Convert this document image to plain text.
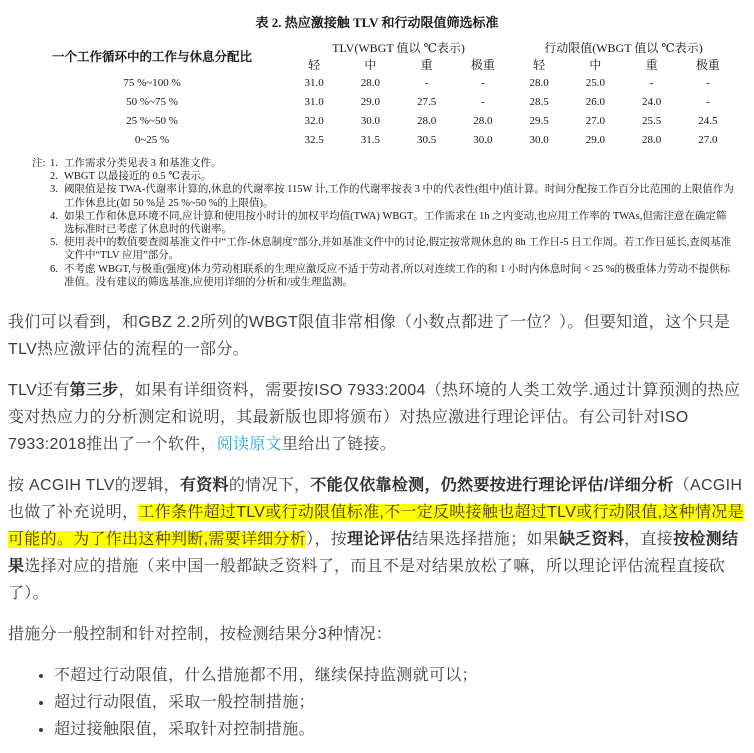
表 2. 热应激接触 TLV 和行动限值筛选标准
一个工作循环中的工作与休息分配比	TLV(WBGT 值以 ℃表示)				行动限值(WBGT 值以 ℃表示)			
	轻	中	重	极重	轻	中	重	极重
75 %~100 %	31.0	28.0	-	-	28.0	25.0	-	-
50 %~75 %	31.0	29.0	27.5	-	28.5	26.0	24.0	-
25 %~50 %	32.0	30.0	28.0	28.0	29.5	27.0	25.5	24.5
0~25 %	32.5	31.5	30.5	30.0	30.0	29.0	28.0	27.0
注: 1. 工作需求分类见表 3 和基准文件。
2. WBGT 以最接近的 0.5 ℃表示。
3. 阈限值是按 TWA-代谢率计算的,休息的代谢率按 115W 计,工作的代谢率按表 3 中的代表性(组中)值计算。时间分配按工作百分比范围的上限值作为工作休息比(如 50 %是 25 %~50 %的上限值)。
4. 如果工作和休息环境不同,应计算和使用按小时计的加权平均值(TWA) WBGT。工作需求在 1h 之内变动,也应用工作率的 TWAs,但需注意在确定筛选标准时已考虑了休息时的代谢率。
5. 使用表中的数值要查阅基准文件中“工作-休息制度”部分,并如基准文件中的讨论,假定按常规休息的 8h 工作日-5 日工作周。若工作日延长,查阅基准文件中“TLV 应用”部分。
6. 不考虑 WBGT,与极重(强度)体力劳动相联系的生理应激反应不适于劳动者,所以对连续工作的和 1 小时内休息时间 < 25 %的极重体力劳动不提供标准值。没有建议的筛选基准,应使用详细的分析和/或生理监测。

我们可以看到，和GBZ 2.2所列的WBGT限值非常相像（小数点都进了一位？）。但要知道，这个只是TLV热应激评估的流程的一部分。

TLV还有第三步，如果有详细资料，需要按ISO 7933:2004（热环境的人类工效学.通过计算预测的热应变对热应力的分析测定和说明，其最新版也即将颁布）对热应激进行理论评估。有公司针对ISO 7933:2018推出了一个软件，阅读原文里给出了链接。

按 ACGIH TLV的逻辑，有资料的情况下，不能仅依靠检测，仍然要按进行理论评估/详细分析（ACGIH也做了补充说明，工作条件超过TLV或行动限值标准,不一定反映接触也超过TLV或行动限值,这种情况是可能的。为了作出这种判断,需要详细分析），按理论评估结果选择措施；如果缺乏资料，直接按检测结果选择对应的措施（来中国一般都缺乏资料了，而且不是对结果放松了嘛，所以理论评估流程直接砍了）。

措施分一般控制和针对控制，按检测结果分3种情况：

• 不超过行动限值，什么措施都不用，继续保持监测就可以；
• 超过行动限值，采取一般控制措施；
• 超过接触限值，采取针对控制措施。
